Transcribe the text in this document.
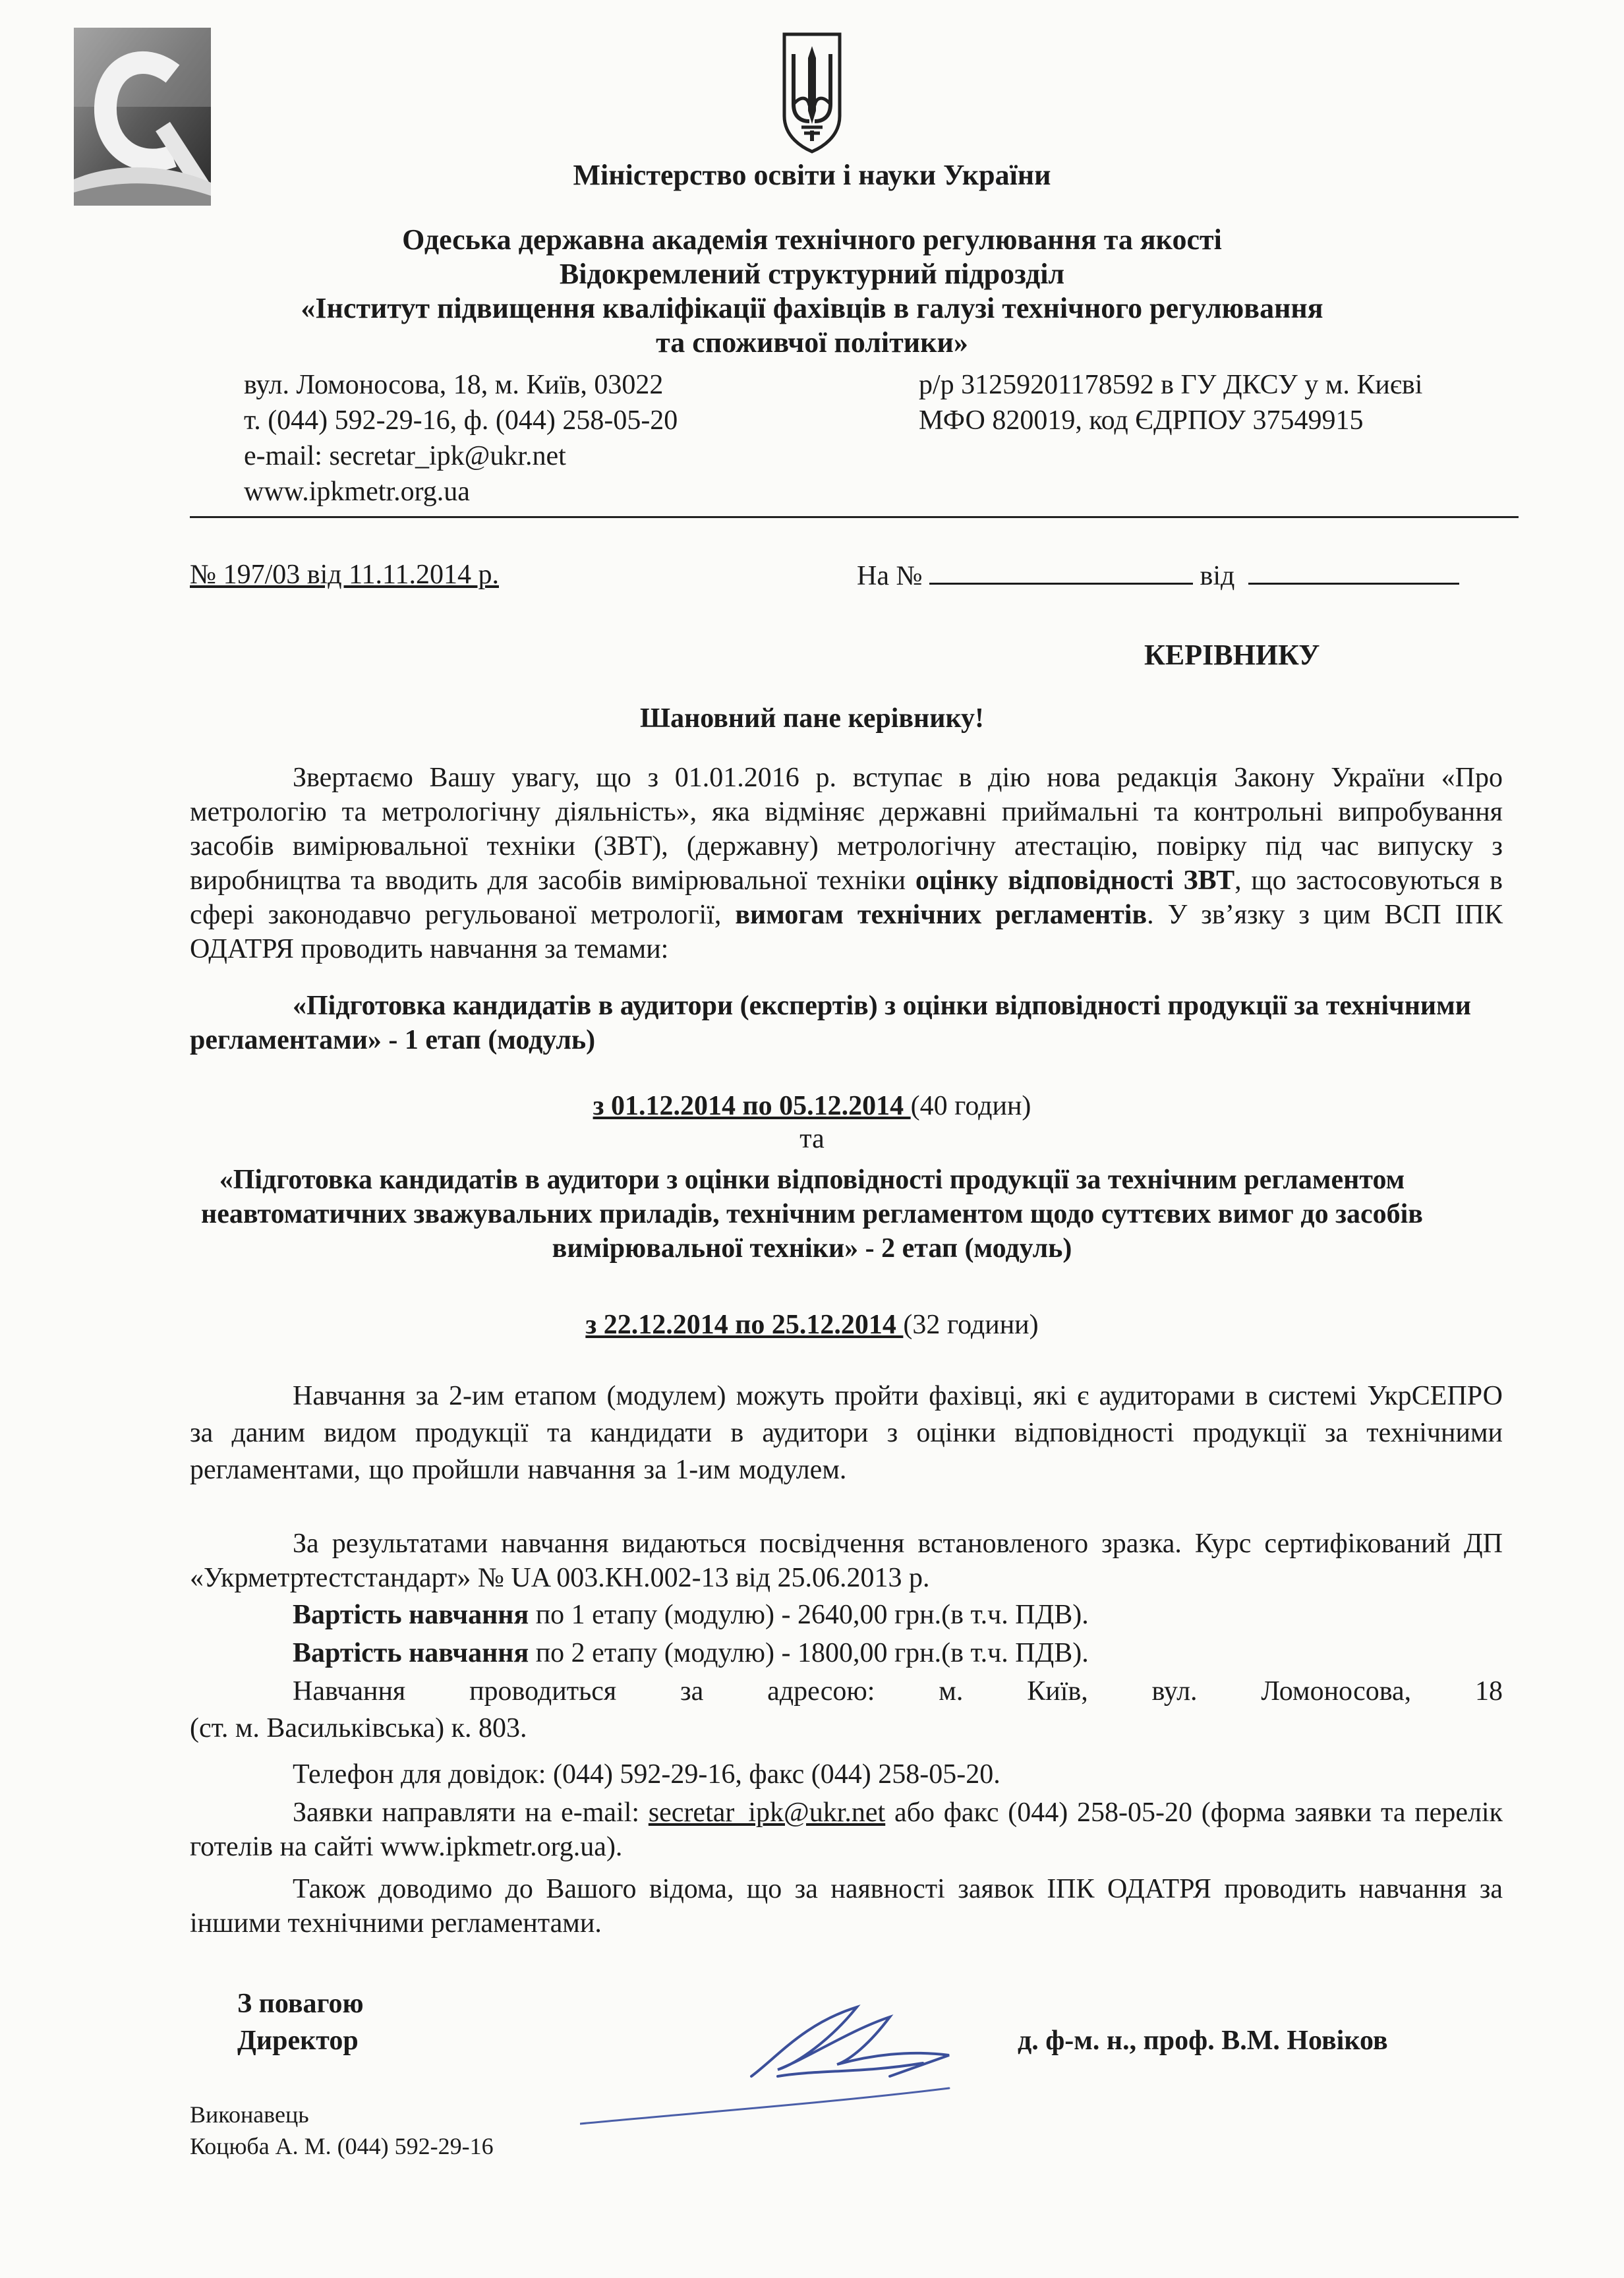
Міністерство освіти і науки України
Одеська державна академія технічного регулювання та якості
Відокремлений структурний підрозділ
«Інститут підвищення кваліфікації фахівців в галузі технічного регулювання
та споживчої політики»
вул. Ломоносова, 18, м. Київ, 03022
т. (044) 592-29-16, ф. (044) 258-05-20
e-mail: secretar_ipk@ukr.net
www.ipkmetr.org.ua
р/р 31259201178592 в ГУ ДКСУ у м. Києві
МФО 820019, код ЄДРПОУ 37549915
№ 197/03 від 11.11.2014 р.	На №	від
КЕРІВНИКУ
Шановний пане керівнику!
Звертаємо Вашу увагу, що з 01.01.2016 р. вступає в дію нова редакція Закону України «Про метрологію та метрологічну діяльність», яка відміняє державні приймальні та контрольні випробування засобів вимірювальної техніки (ЗВТ), (державну) метрологічну атестацію, повірку під час випуску з виробництва та вводить для засобів вимірювальної техніки оцінку відповідності ЗВТ, що застосовуються в сфері законодавчо регульованої метрології, вимогам технічних регламентів. У зв’язку з цим ВСП ІПК ОДАТРЯ проводить навчання за темами:
«Підготовка кандидатів в аудитори (експертів) з оцінки відповідності продукції за технічними регламентами» - 1 етап (модуль)
з 01.12.2014 по 05.12.2014 (40 годин)
та
«Підготовка кандидатів в аудитори з оцінки відповідності продукції за технічним регламентом неавтоматичних зважувальних приладів, технічним регламентом щодо суттєвих вимог до засобів вимірювальної техніки» - 2 етап (модуль)
з 22.12.2014 по 25.12.2014 (32 години)
Навчання за 2-им етапом (модулем) можуть пройти фахівці, які є аудиторами в системі УкрСЕПРО за даним видом продукції та кандидати в аудитори з оцінки відповідності продукції за технічними регламентами, що пройшли навчання за 1-им модулем.
За результатами навчання видаються посвідчення встановленого зразка. Курс сертифікований ДП «Укрметртестстандарт» № UA 003.КН.002-13 від 25.06.2013 р.
Вартість навчання по 1 етапу (модулю) - 2640,00 грн.(в т.ч. ПДВ).
Вартість навчання по 2 етапу (модулю) - 1800,00 грн.(в т.ч. ПДВ).
Навчання проводиться за адресою: м. Київ, вул. Ломоносова, 18
(ст. м. Васильківська) к. 803.
Телефон для довідок: (044) 592-29-16, факс (044) 258-05-20.
Заявки направляти на e-mail: secretar_ipk@ukr.net або факс (044) 258-05-20 (форма заявки та перелік готелів на сайті www.ipkmetr.org.ua).
Також доводимо до Вашого відома, що за наявності заявок ІПК ОДАТРЯ проводить навчання за іншими технічними регламентами.
З повагою
Директор	д. ф-м. н., проф. В.М. Новіков
Виконавець
Коцюба А. М. (044) 592-29-16
